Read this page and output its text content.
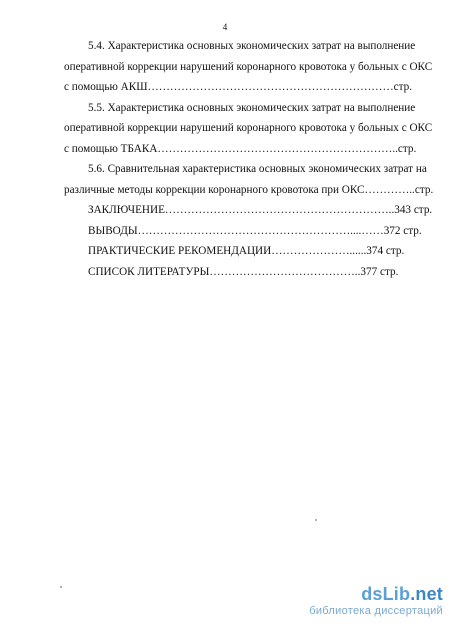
4
5.4. Характеристика основных экономических затрат на выполнение
оперативной коррекции нарушений коронарного кровотока у больных с ОКС
с помощью АКШ…………………………………………………………стр.
5.5. Характеристика основных экономических затрат на выполнение
оперативной коррекции нарушений коронарного кровотока у больных с ОКС
с помощью ТБАКА………………………………………………………..стр.
5.6. Сравнительная характеристика основных экономических затрат на
различные методы коррекции коронарного кровотока при ОКС…………..стр.
ЗАКЛЮЧЕНИЕ……………………………………………………..343 стр.
ВЫВОДЫ…………………………………………………....……372 стр.
ПРАКТИЧЕСКИЕ РЕКОМЕНДАЦИИ…………………......374 стр.
СПИСОК ЛИТЕРАТУРЫ…………………………………..377 стр.
dsLib.net
библиотека диссертаций
